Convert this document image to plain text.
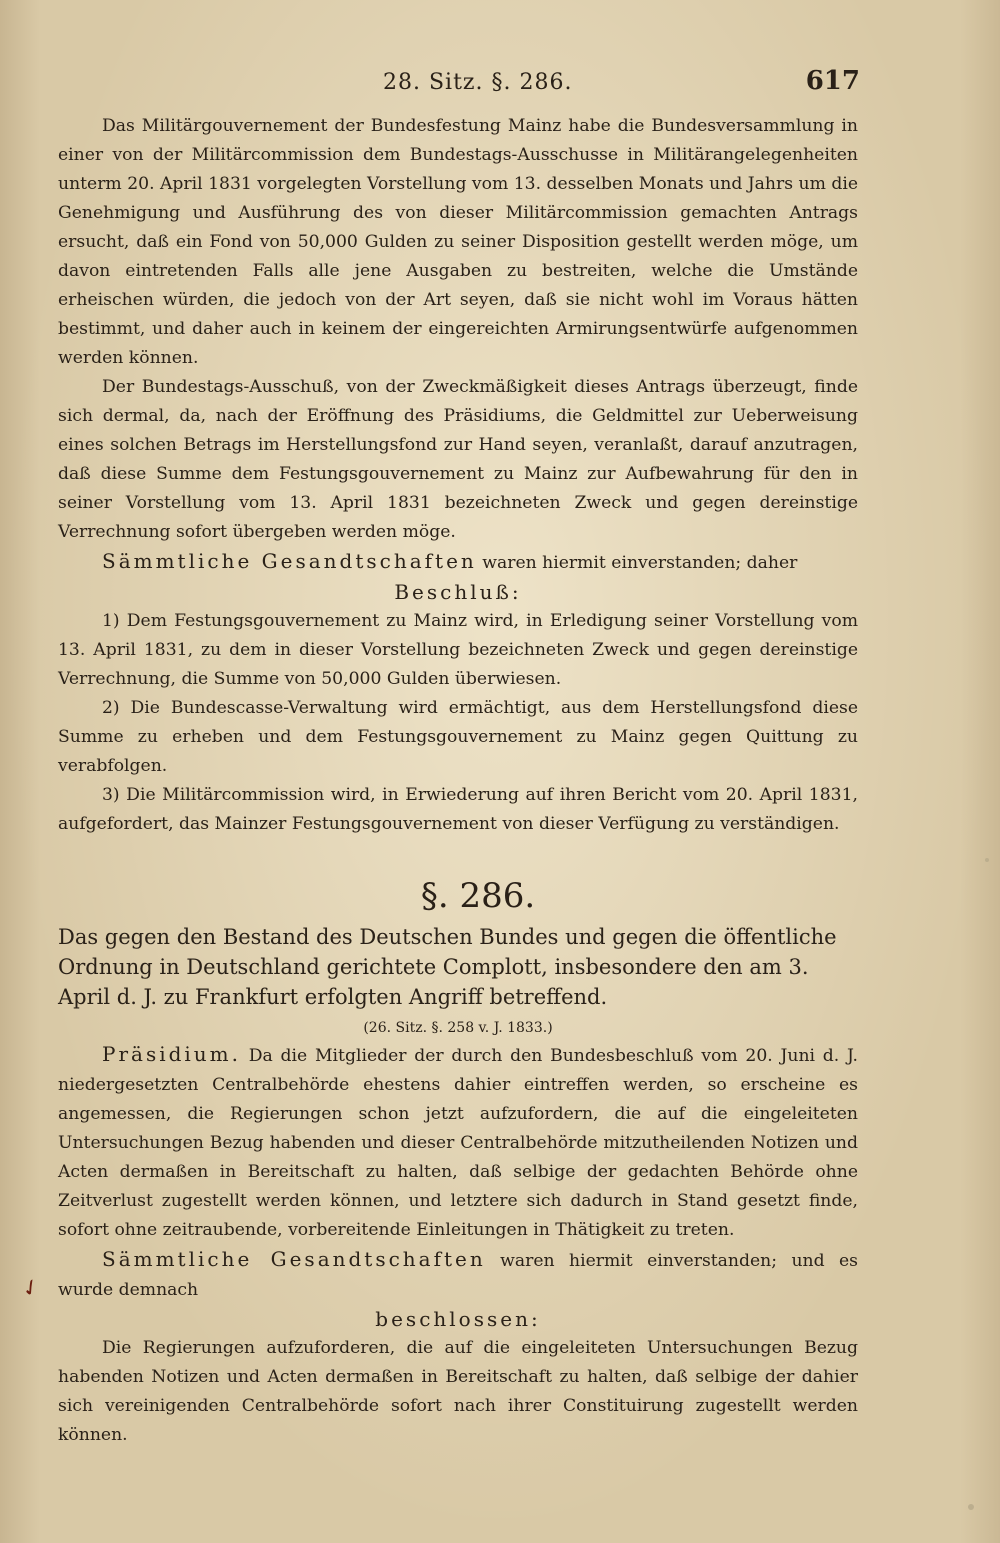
28. Sitz. §. 286.	617

Das Militärgouvernement der Bundesfestung Mainz habe die Bundesversammlung in einer von der Militärcommission dem Bundestags-Ausschusse in Militärangelegenheiten unterm 20. April 1831 vorgelegten Vorstellung vom 13. desselben Monats und Jahrs um die Genehmigung und Ausführung des von dieser Militärcommission gemachten Antrags ersucht, daß ein Fond von 50,000 Gulden zu seiner Disposition gestellt werden möge, um davon eintretenden Falls alle jene Ausgaben zu bestreiten, welche die Umstände erheischen würden, die jedoch von der Art seyen, daß sie nicht wohl im Voraus hätten bestimmt, und daher auch in keinem der eingereichten Armirungsentwürfe aufgenommen werden können.

Der Bundestags-Ausschuß, von der Zweckmäßigkeit dieses Antrags überzeugt, finde sich dermal, da, nach der Eröffnung des Präsidiums, die Geldmittel zur Ueberweisung eines solchen Betrags im Herstellungsfond zur Hand seyen, veranlaßt, darauf anzutragen, daß diese Summe dem Festungsgouvernement zu Mainz zur Aufbewahrung für den in seiner Vorstellung vom 13. April 1831 bezeichneten Zweck und gegen dereinstige Verrechnung sofort übergeben werden möge.

Sämmtliche Gesandtschaften waren hiermit einverstanden; daher

Beschluß:

1) Dem Festungsgouvernement zu Mainz wird, in Erledigung seiner Vorstellung vom 13. April 1831, zu dem in dieser Vorstellung bezeichneten Zweck und gegen dereinstige Verrechnung, die Summe von 50,000 Gulden überwiesen.

2) Die Bundescasse-Verwaltung wird ermächtigt, aus dem Herstellungsfond diese Summe zu erheben und dem Festungsgouvernement zu Mainz gegen Quittung zu verabfolgen.

3) Die Militärcommission wird, in Erwiederung auf ihren Bericht vom 20. April 1831, aufgefordert, das Mainzer Festungsgouvernement von dieser Verfügung zu verständigen.

§. 286.

Das gegen den Bestand des Deutschen Bundes und gegen die öffentliche Ordnung in Deutschland gerichtete Complott, insbesondere den am 3. April d. J. zu Frankfurt erfolgten Angriff betreffend.

(26. Sitz. §. 258 v. J. 1833.)

Präsidium. Da die Mitglieder der durch den Bundesbeschluß vom 20. Juni d. J. niedergesetzten Centralbehörde ehestens dahier eintreffen werden, so erscheine es angemessen, die Regierungen schon jetzt aufzufordern, die auf die eingeleiteten Untersuchungen Bezug habenden und dieser Centralbehörde mitzutheilenden Notizen und Acten dermaßen in Bereitschaft zu halten, daß selbige der gedachten Behörde ohne Zeitverlust zugestellt werden können, und letztere sich dadurch in Stand gesetzt finde, sofort ohne zeitraubende, vorbereitende Einleitungen in Thätigkeit zu treten.

Sämmtliche Gesandtschaften waren hiermit einverstanden; und es wurde demnach

beschlossen:

Die Regierungen aufzuforderen, die auf die eingeleiteten Untersuchungen Bezug habenden Notizen und Acten dermaßen in Bereitschaft zu halten, daß selbige der dahier sich vereinigenden Centralbehörde sofort nach ihrer Constituirung zugestellt werden können.

✓
